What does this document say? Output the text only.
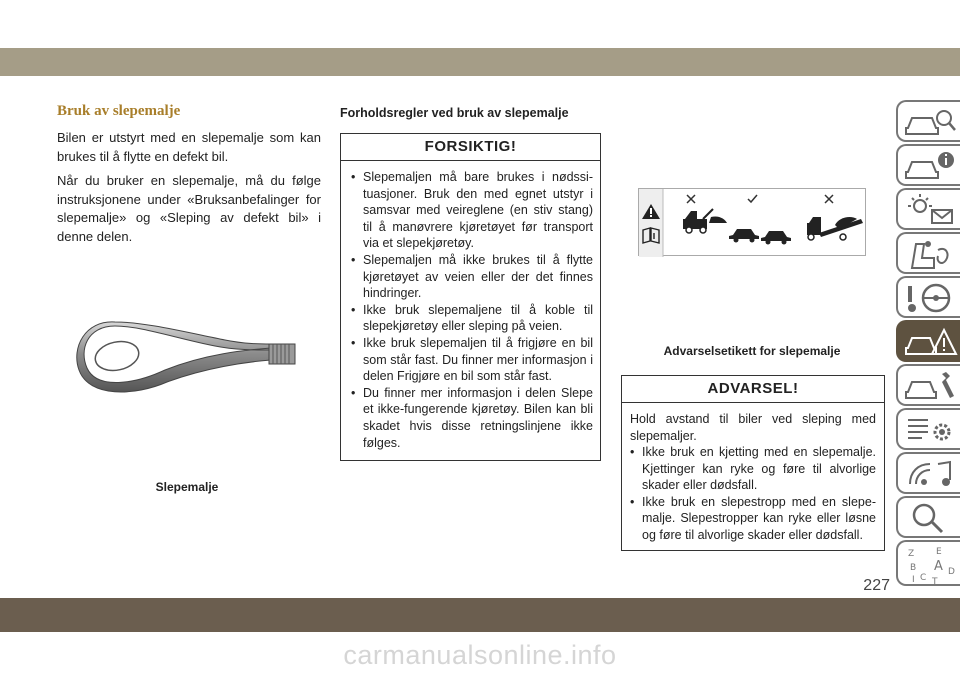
Bruk av slepemalje

Bilen er utstyrt med en slepemalje som kan brukes til å flytte en defekt bil.

Når du bruker en slepemalje, må du følge instruksjonene under «Bruksanbefalinger for slepemalje» og «Sleping av defekt bil» i denne delen.

Slepemalje

Forholdsregler ved bruk av slepemalje

FORSIKTIG!

• Slepemaljen må bare brukes i nødssituasjoner. Bruk den med egnet utstyr i samsvar med veireglene (en stiv stang) til å manøvrere kjøretøyet før transport via et slepekjøretøy.
• Slepemaljen må ikke brukes til å flytte kjøretøyet av veien eller der det finnes hindringer.
• Ikke bruk slepemaljene til å koble til slepekjøretøy eller sleping på veien.
• Ikke bruk slepemaljen til å frigjøre en bil som står fast. Du finner mer informasjon i delen Frigjøre en bil som står fast.
• Du finner mer informasjon i delen Slepe et ikke-fungerende kjøretøy. Bilen kan bli skadet hvis disse retningslinjene ikke følges.

Advarselsetikett for slepemalje

ADVARSEL!

Hold avstand til biler ved sleping med slepemaljer.

• Ikke bruk en kjetting med en slepemalje. Kjettinger kan ryke og føre til alvorlige skader eller dødsfall.
• Ikke bruk en slepestropp med en slepemalje. Slepestropper kan ryke eller løsne og føre til alvorlige skader eller dødsfall.
Z E
B A D
I C T

227

carmanualsonline.info
